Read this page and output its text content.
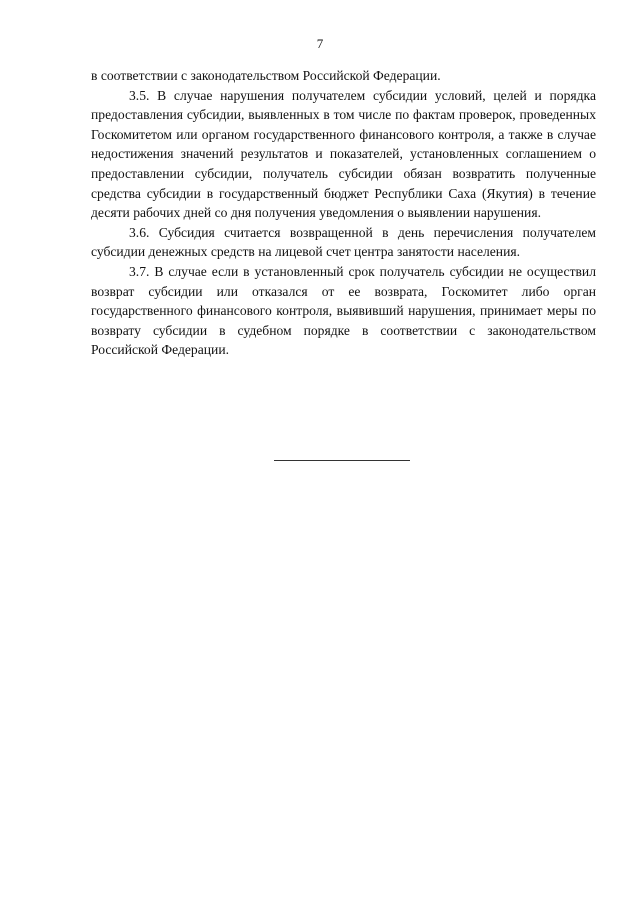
7

в соответствии с законодательством Российской Федерации.

3.5. В случае нарушения получателем субсидии условий, целей и порядка предоставления субсидии, выявленных в том числе по фактам проверок, проведенных Госкомитетом или органом государственного финансового контроля, а также в случае недостижения значений результатов и показателей, установленных соглашением о предоставлении субсидии, получатель субсидии обязан возвратить полученные средства субсидии в государственный бюджет Республики Саха (Якутия) в течение десяти рабочих дней со дня получения уведомления о выявлении нарушения.

3.6. Субсидия считается возвращенной в день перечисления получателем субсидии денежных средств на лицевой счет центра занятости населения.

3.7. В случае если в установленный срок получатель субсидии не осуществил возврат субсидии или отказался от ее возврата, Госкомитет либо орган государственного финансового контроля, выявивший нарушения, принимает меры по возврату субсидии в судебном порядке в соответствии с законодательством Российской Федерации.
